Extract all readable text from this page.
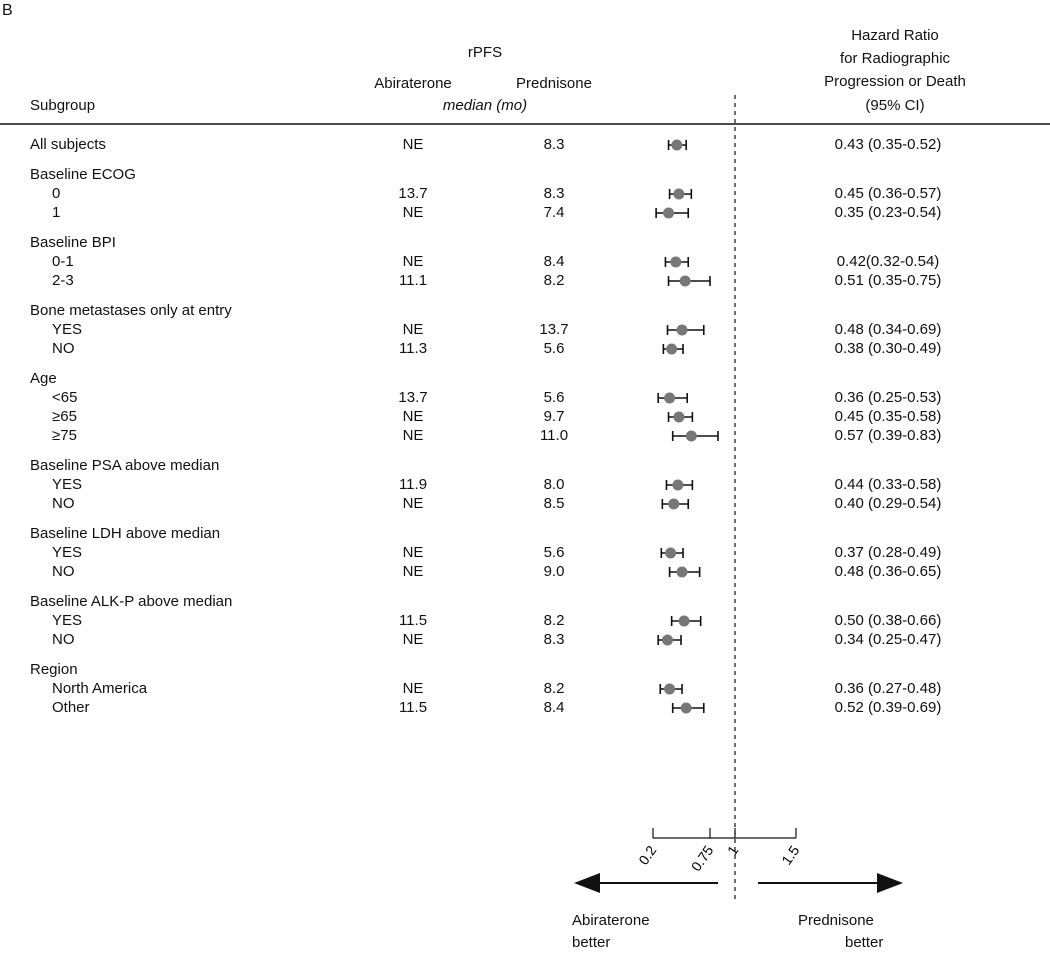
B
rPFS
Abiraterone	Prednisone
median (mo)
Subgroup
Hazard Ratio
for Radiographic
Progression or Death
(95% CI)
Abiraterone
better
Prednisone
better
All subjects	NE	8.3	0.43 (0.35-0.52)
Baseline ECOG
0	13.7	8.3	0.45 (0.36-0.57)
1	NE	7.4	0.35 (0.23-0.54)
Baseline BPI
0-1	NE	8.4	0.42(0.32-0.54)
2-3	11.1	8.2	0.51 (0.35-0.75)
Bone metastases only at entry
YES	NE	13.7	0.48 (0.34-0.69)
NO	11.3	5.6	0.38 (0.30-0.49)
Age
<65	13.7	5.6	0.36 (0.25-0.53)
≥65	NE	9.7	0.45 (0.35-0.58)
≥75	NE	11.0	0.57 (0.39-0.83)
Baseline PSA above median
YES	11.9	8.0	0.44 (0.33-0.58)
NO	NE	8.5	0.40 (0.29-0.54)
Baseline LDH above median
YES	NE	5.6	0.37 (0.28-0.49)
NO	NE	9.0	0.48 (0.36-0.65)
Baseline ALK-P above median
YES	11.5	8.2	0.50 (0.38-0.66)
NO	NE	8.3	0.34 (0.25-0.47)
Region
North America	NE	8.2	0.36 (0.27-0.48)
Other	11.5	8.4	0.52 (0.39-0.69)
0.2 0.75 1	1.5
